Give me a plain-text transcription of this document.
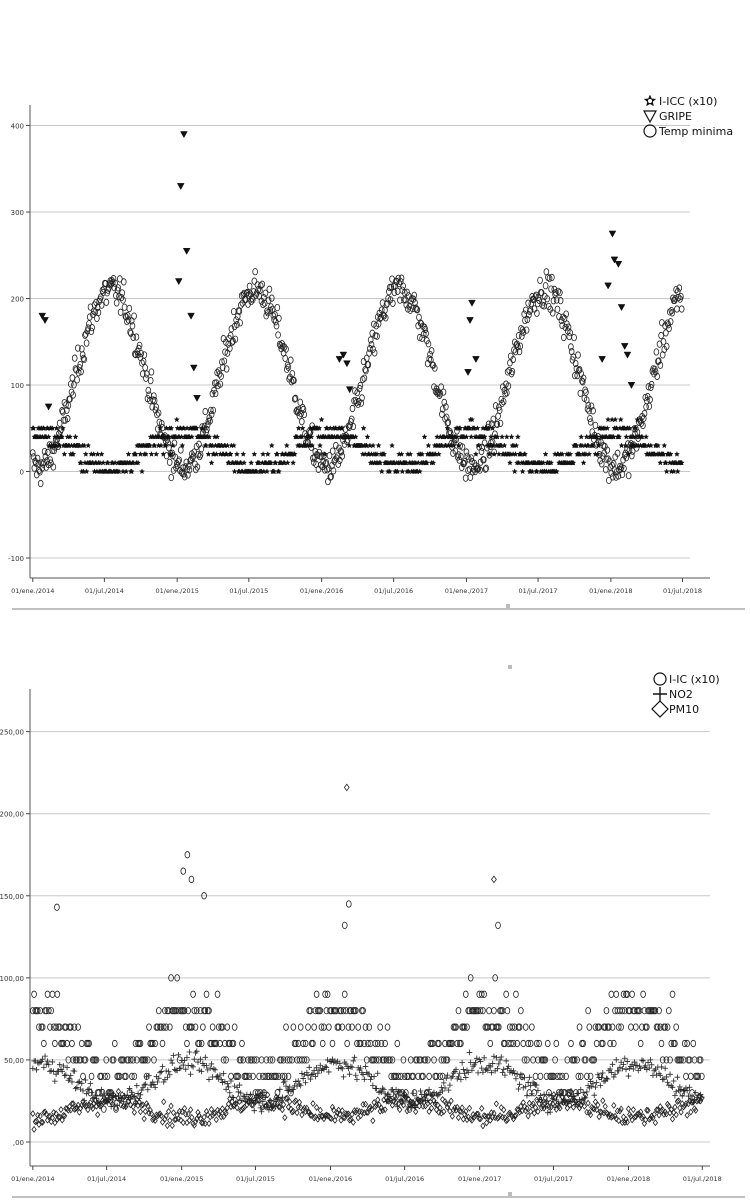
-100
0
100
200
300
400
01/ene./2014	01/jul./2014	01/ene./2015	01/jul./2015	01/ene./2016	01/jul./2016	01/ene./2017	01/jul./2017	01/ene./2018	01/jul./2018
I-ICC (x10)
GRIPE
Temp minima
,00
50,00
100,00
150,00
200,00
250,00
01/ene./2014	01/jul./2014	01/ene./2015	01/jul./2015	01/ene./2016	01/jul./2016	01/ene./2017	01/jul./2017	01/ene./2018	01/jul./2018
I-IC (x10)
NO2
PM10
